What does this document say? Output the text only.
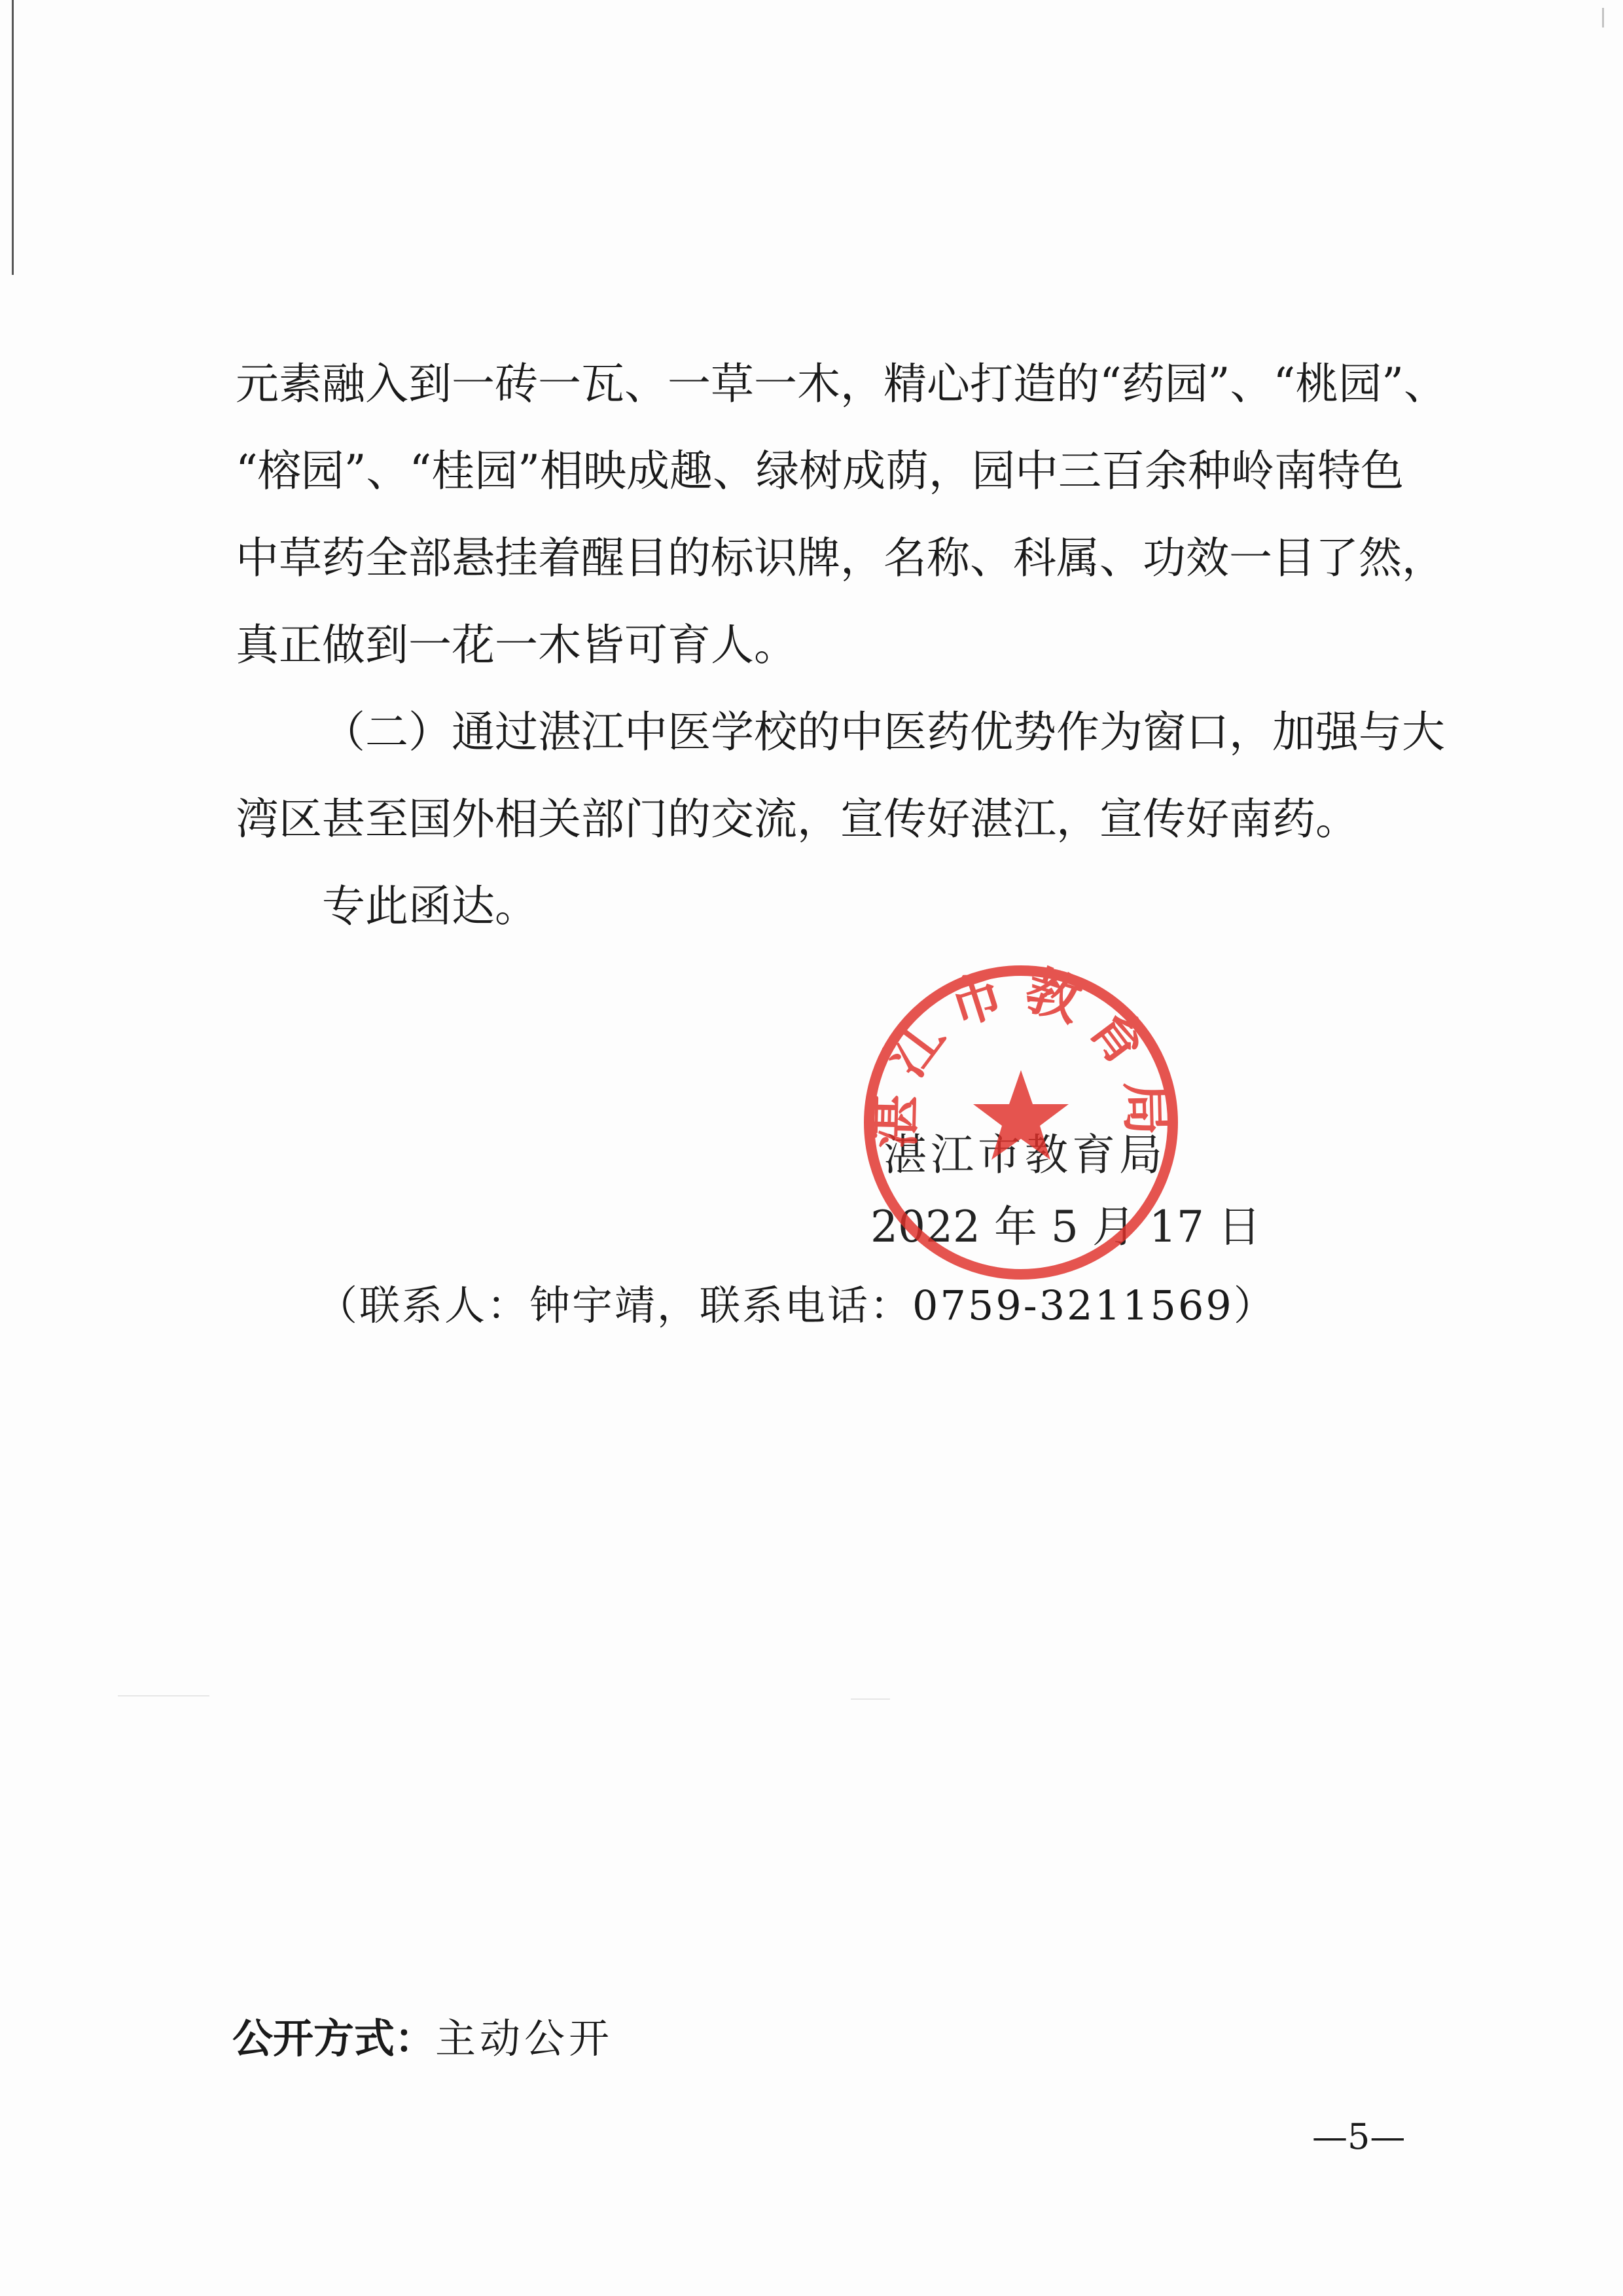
元素融入到一砖一瓦、一草一木，精心打造的“药园”、“桃园”、

“榕园”、“桂园”相映成趣、绿树成荫，园中三百余种岭南特色

中草药全部悬挂着醒目的标识牌，名称、科属、功效一目了然，

真正做到一花一木皆可育人。

（二）通过湛江中医学校的中医药优势作为窗口，加强与大

湾区甚至国外相关部门的交流，宣传好湛江，宣传好南药。

专此函达。

湛江市教育局
2022 年 5 月 17 日
湛江市教育局
（联系人：钟宇靖，联系电话：0759-3211569）
公开方式：主动公开
—5—
